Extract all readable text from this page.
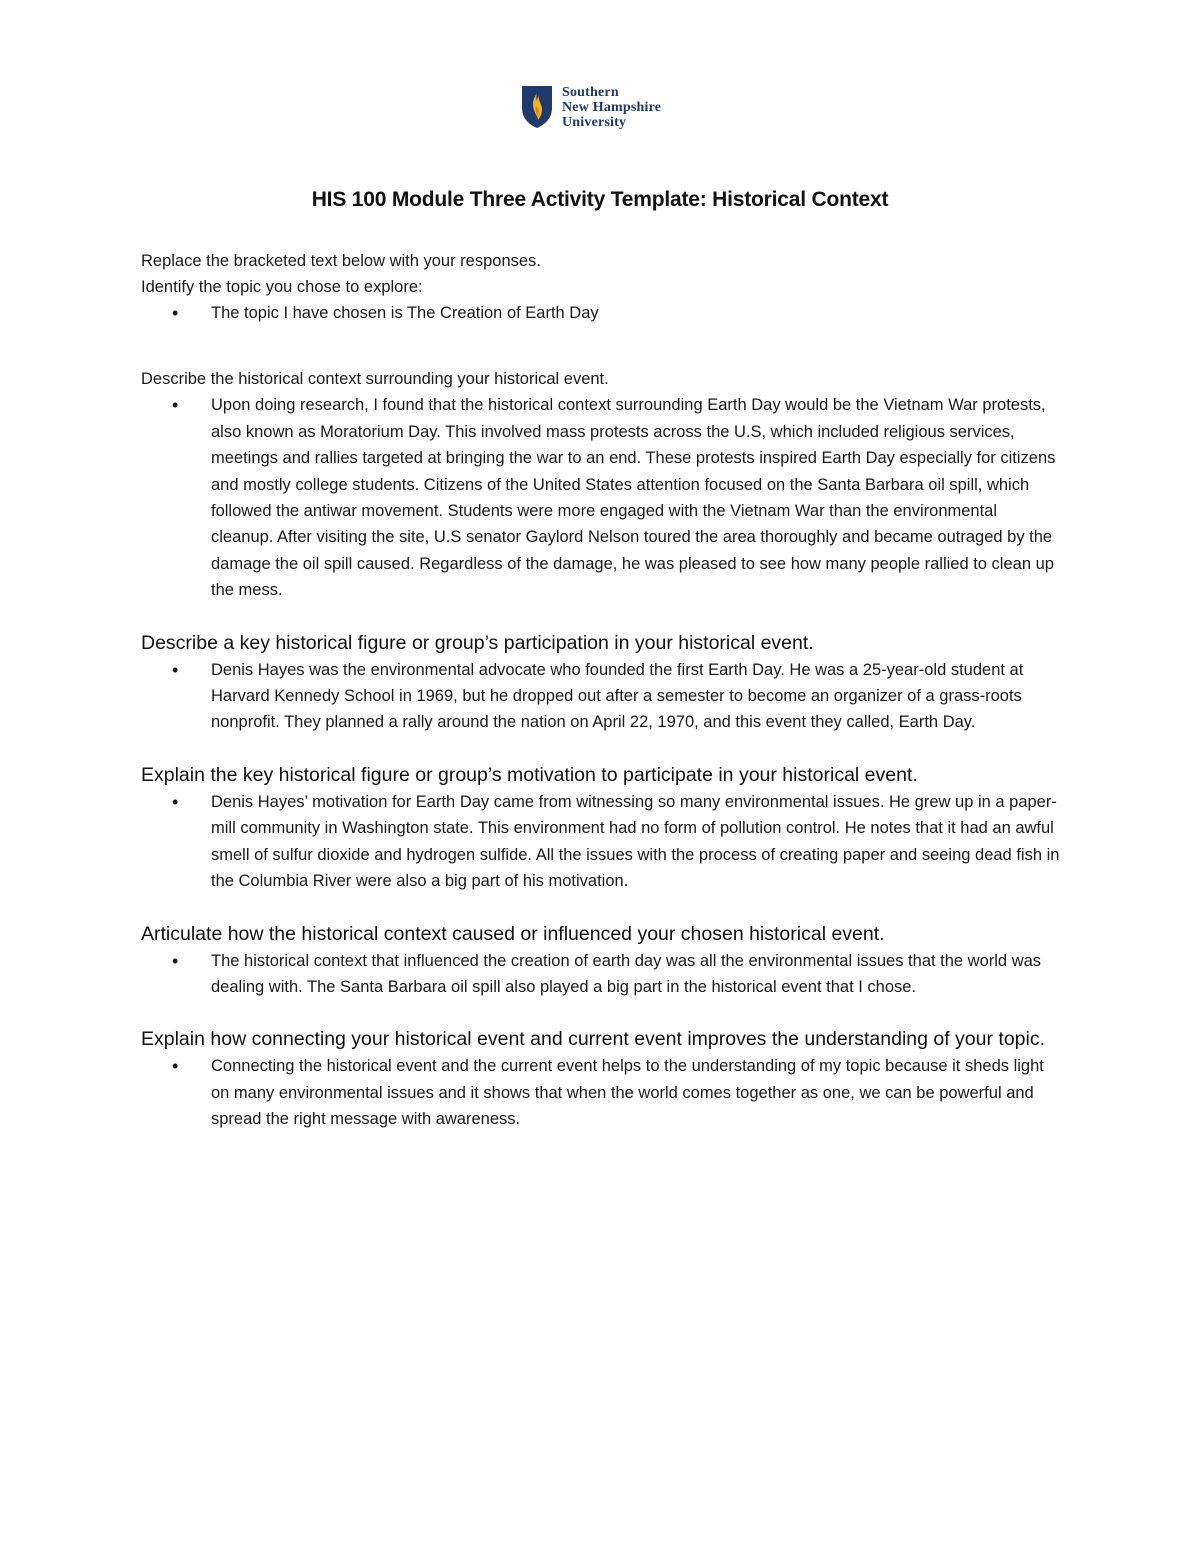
Southern
New Hampshire
University
HIS 100 Module Three Activity Template: Historical Context

Replace the bracketed text below with your responses.

Identify the topic you chose to explore:

• The topic I have chosen is The Creation of Earth Day

Describe the historical context surrounding your historical event.

• Upon doing research, I found that the historical context surrounding Earth Day would be the Vietnam War protests, also known as Moratorium Day. This involved mass protests across the U.S, which included religious services, meetings and rallies targeted at bringing the war to an end. These protests inspired Earth Day especially for citizens and mostly college students. Citizens of the United States attention focused on the Santa Barbara oil spill, which followed the antiwar movement. Students were more engaged with the Vietnam War than the environmental cleanup. After visiting the site, U.S senator Gaylord Nelson toured the area thoroughly and became outraged by the damage the oil spill caused. Regardless of the damage, he was pleased to see how many people rallied to clean up the mess.

Describe a key historical figure or group’s participation in your historical event.

• Denis Hayes was the environmental advocate who founded the first Earth Day. He was a 25-year-old student at Harvard Kennedy School in 1969, but he dropped out after a semester to become an organizer of a grass-roots nonprofit. They planned a rally around the nation on April 22, 1970, and this event they called, Earth Day.

Explain the key historical figure or group’s motivation to participate in your historical event.

• Denis Hayes’ motivation for Earth Day came from witnessing so many environmental issues. He grew up in a paper-mill community in Washington state. This environment had no form of pollution control. He notes that it had an awful smell of sulfur dioxide and hydrogen sulfide. All the issues with the process of creating paper and seeing dead fish in the Columbia River were also a big part of his motivation.

Articulate how the historical context caused or influenced your chosen historical event.

• The historical context that influenced the creation of earth day was all the environmental issues that the world was dealing with. The Santa Barbara oil spill also played a big part in the historical event that I chose.

Explain how connecting your historical event and current event improves the understanding of your topic.

• Connecting the historical event and the current event helps to the understanding of my topic because it sheds light on many environmental issues and it shows that when the world comes together as one, we can be powerful and spread the right message with awareness.
